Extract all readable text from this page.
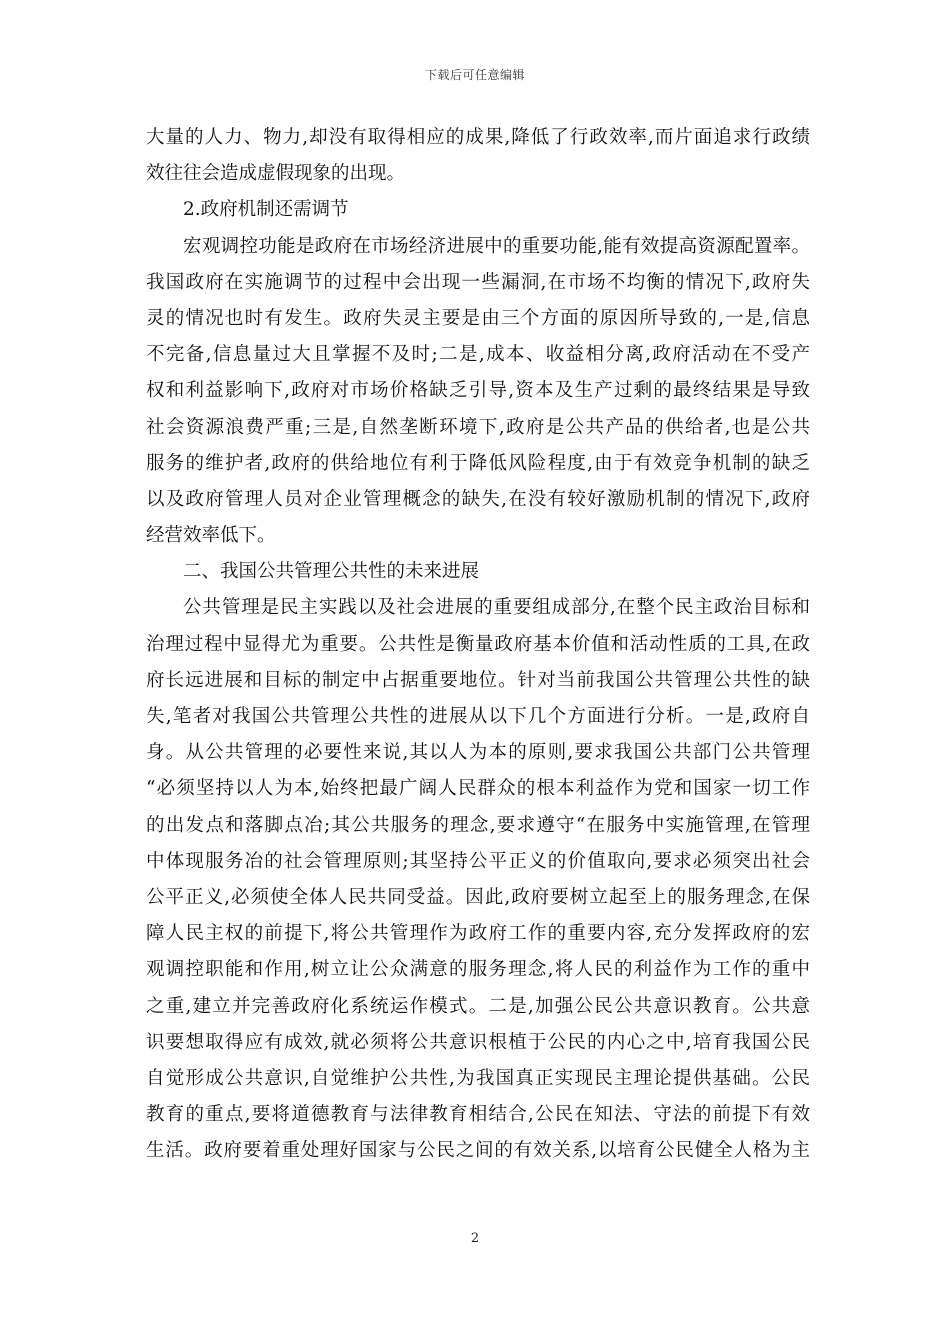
下载后可任意编辑
大量的人力、物力,却没有取得相应的成果,降低了行政效率,而片面追求行政绩
效往往会造成虚假现象的出现。
2.政府机制还需调节
宏观调控功能是政府在市场经济进展中的重要功能,能有效提高资源配置率。
我国政府在实施调节的过程中会出现一些漏洞,在市场不均衡的情况下,政府失
灵的情况也时有发生。政府失灵主要是由三个方面的原因所导致的,一是,信息
不完备,信息量过大且掌握不及时;二是,成本、收益相分离,政府活动在不受产
权和利益影响下,政府对市场价格缺乏引导,资本及生产过剩的最终结果是导致
社会资源浪费严重;三是,自然垄断环境下,政府是公共产品的供给者,也是公共
服务的维护者,政府的供给地位有利于降低风险程度,由于有效竞争机制的缺乏
以及政府管理人员对企业管理概念的缺失,在没有较好激励机制的情况下,政府
经营效率低下。
二、我国公共管理公共性的未来进展
公共管理是民主实践以及社会进展的重要组成部分,在整个民主政治目标和
治理过程中显得尤为重要。公共性是衡量政府基本价值和活动性质的工具,在政
府长远进展和目标的制定中占据重要地位。针对当前我国公共管理公共性的缺
失,笔者对我国公共管理公共性的进展从以下几个方面进行分析。一是,政府自
身。从公共管理的必要性来说,其以人为本的原则,要求我国公共部门公共管理
“必须坚持以人为本,始终把最广阔人民群众的根本利益作为党和国家一切工作
的出发点和落脚点冶;其公共服务的理念,要求遵守“在服务中实施管理,在管理
中体现服务冶的社会管理原则;其坚持公平正义的价值取向,要求必须突出社会
公平正义,必须使全体人民共同受益。因此,政府要树立起至上的服务理念,在保
障人民主权的前提下,将公共管理作为政府工作的重要内容,充分发挥政府的宏
观调控职能和作用,树立让公众满意的服务理念,将人民的利益作为工作的重中
之重,建立并完善政府化系统运作模式。二是,加强公民公共意识教育。公共意
识要想取得应有成效,就必须将公共意识根植于公民的内心之中,培育我国公民
自觉形成公共意识,自觉维护公共性,为我国真正实现民主理论提供基础。公民
教育的重点,要将道德教育与法律教育相结合,公民在知法、守法的前提下有效
生活。政府要着重处理好国家与公民之间的有效关系,以培育公民健全人格为主
2
